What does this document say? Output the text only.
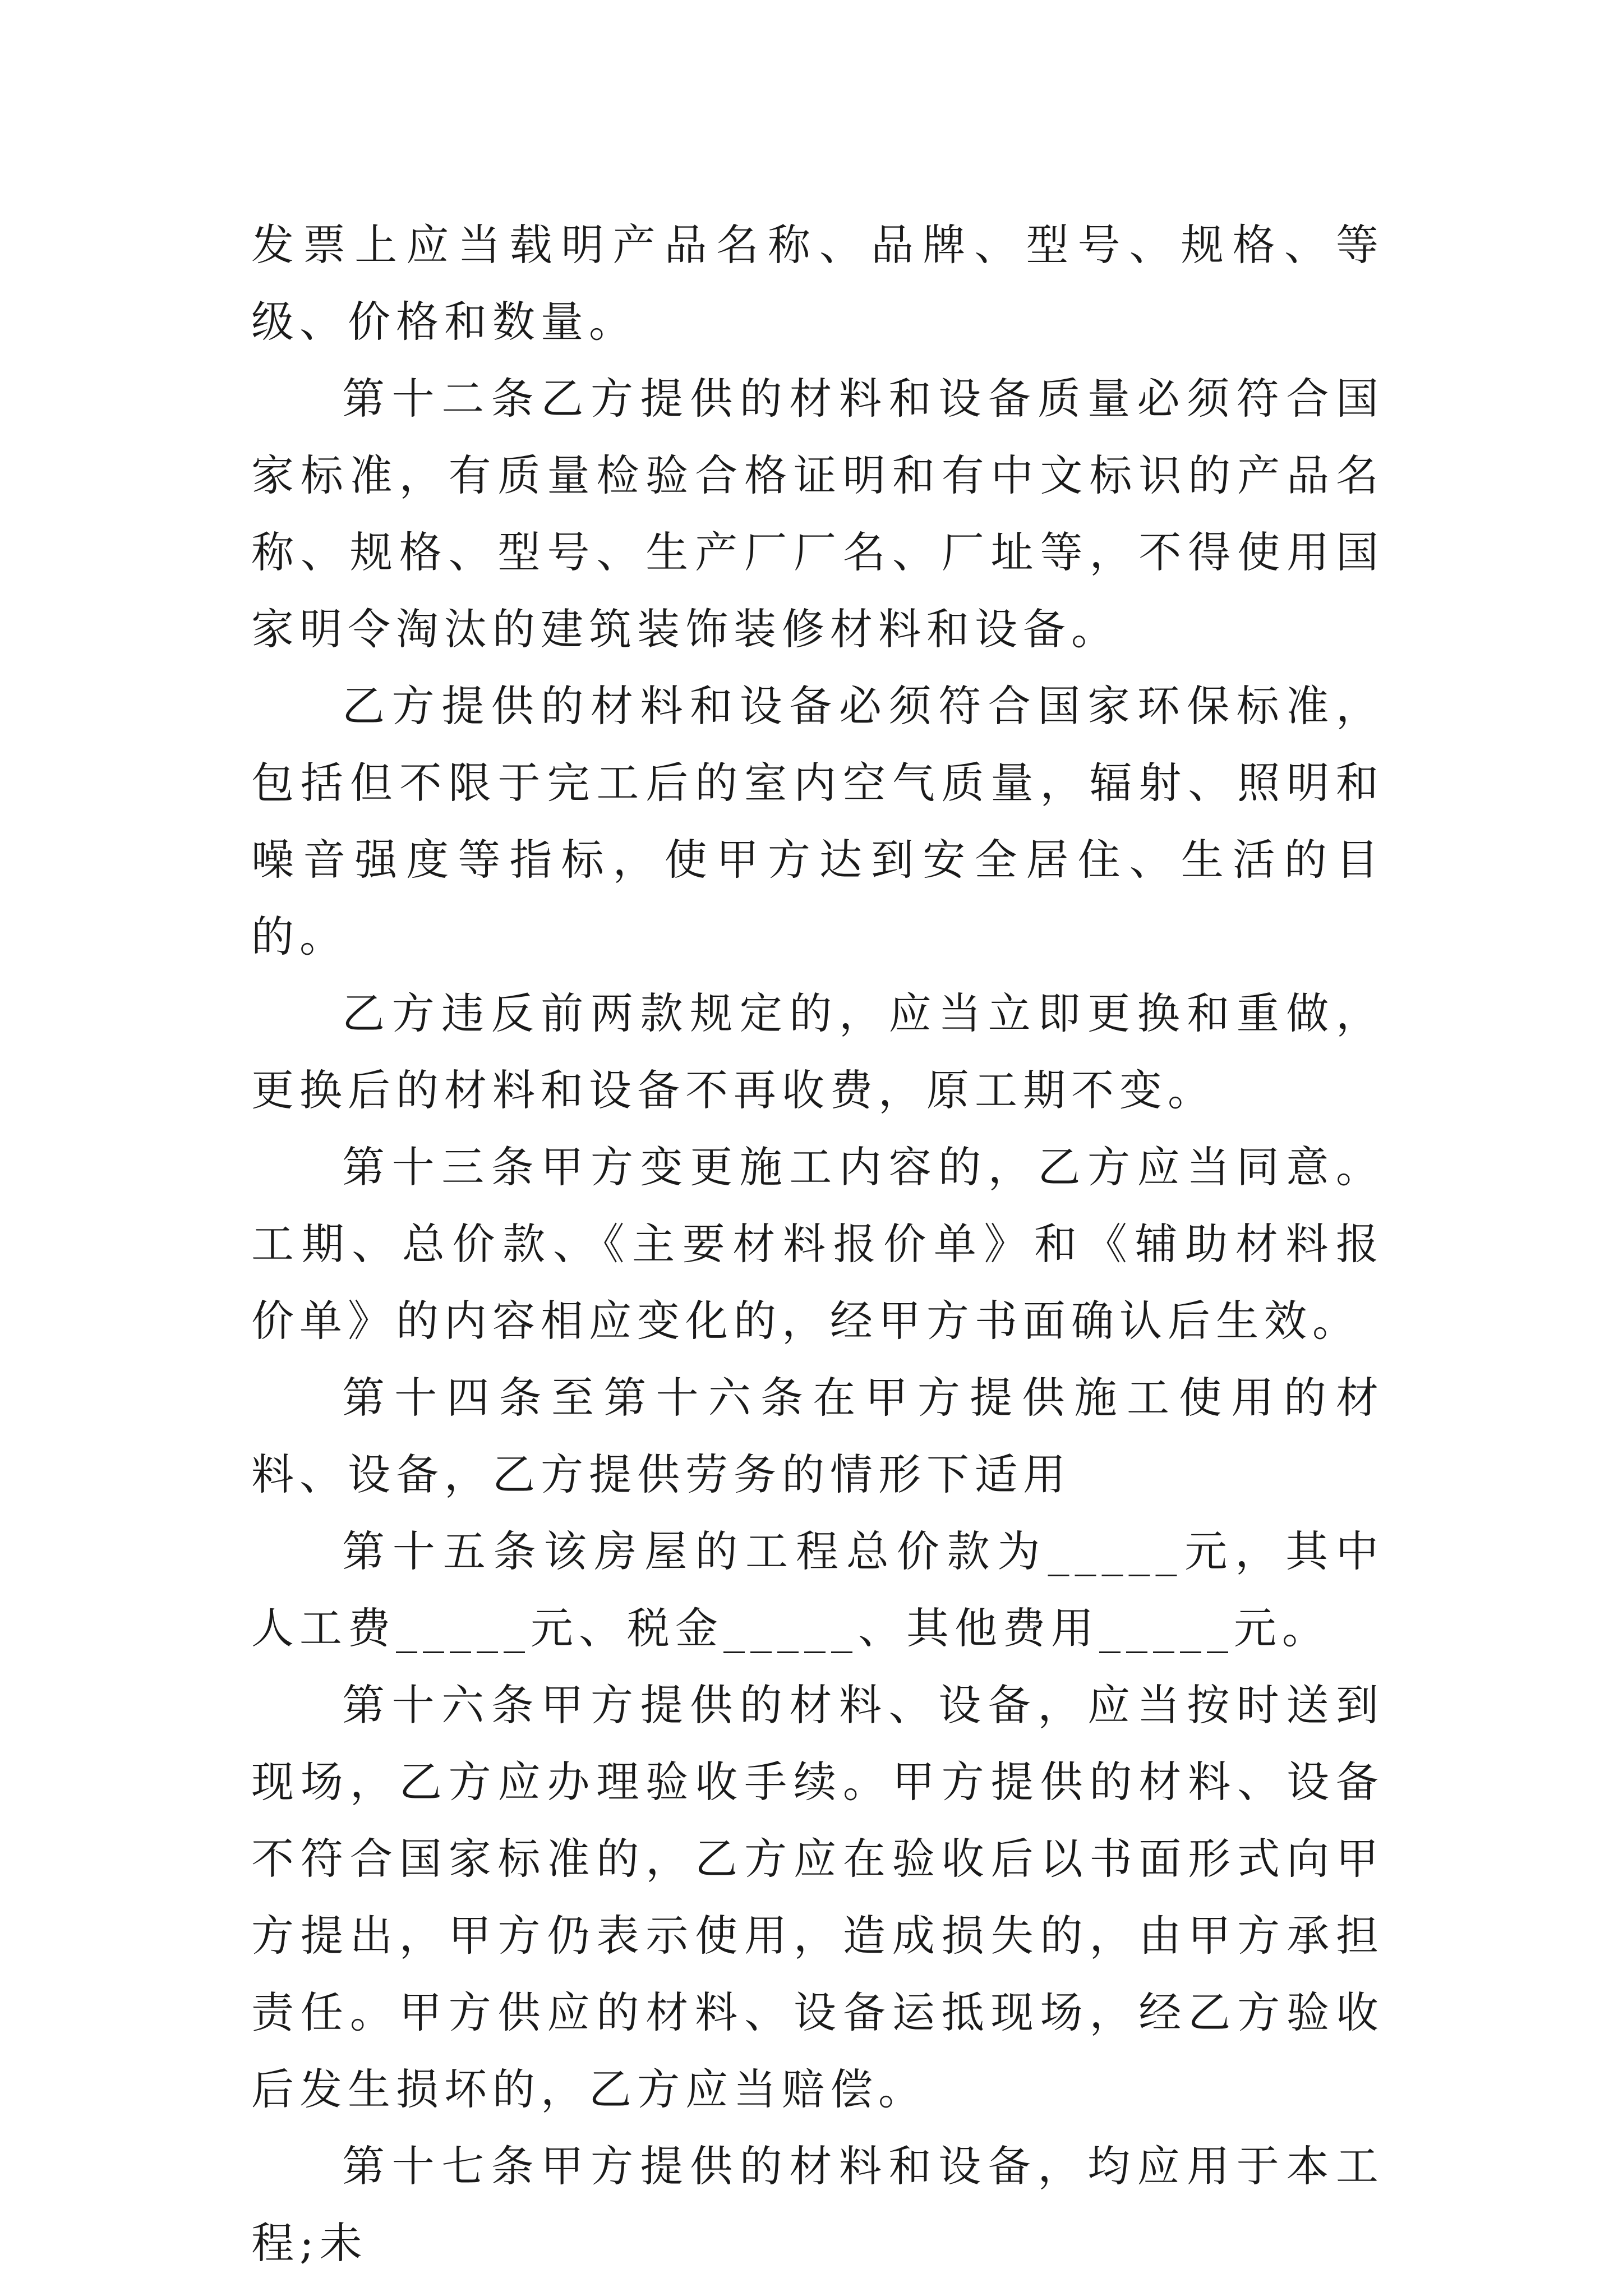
发票上应当载明产品名称、品牌、型号、规格、等级、价格和数量。

第十二条乙方提供的材料和设备质量必须符合国家标准，有质量检验合格证明和有中文标识的产品名称、规格、型号、生产厂厂名、厂址等，不得使用国家明令淘汰的建筑装饰装修材料和设备。

乙方提供的材料和设备必须符合国家环保标准，包括但不限于完工后的室内空气质量，辐射、照明和噪音强度等指标，使甲方达到安全居住、生活的目的。

乙方违反前两款规定的，应当立即更换和重做，更换后的材料和设备不再收费，原工期不变。

第十三条甲方变更施工内容的，乙方应当同意。工期、总价款、《主要材料报价单》和《辅助材料报价单》的内容相应变化的，经甲方书面确认后生效。

第十四条至第十六条在甲方提供施工使用的材料、设备，乙方提供劳务的情形下适用

第十五条该房屋的工程总价款为_____元，其中人工费_____元、税金_____、其他费用_____元。

第十六条甲方提供的材料、设备，应当按时送到现场，乙方应办理验收手续。甲方提供的材料、设备不符合国家标准的，乙方应在验收后以书面形式向甲方提出，甲方仍表示使用，造成损失的，由甲方承担责任。甲方供应的材料、设备运抵现场，经乙方验收后发生损坏的，乙方应当赔偿。

第十七条甲方提供的材料和设备，均应用于本工程;未
